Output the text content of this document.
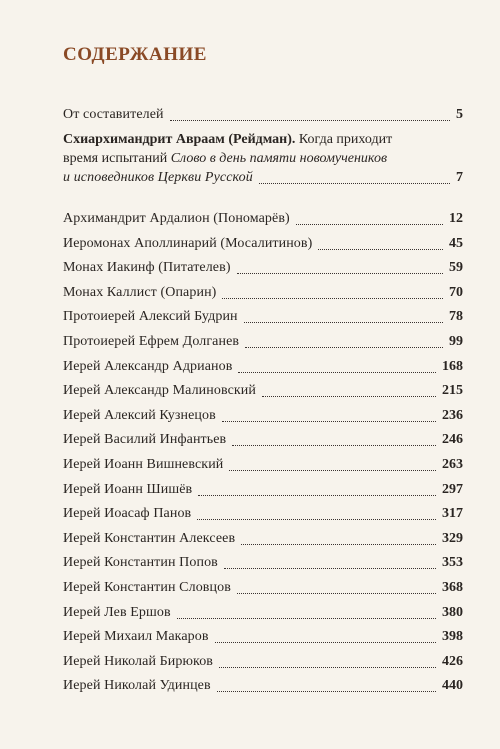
СОДЕРЖАНИЕ
От составителей	5
Схиархимандрит Авраам (Рейдман). Когда приходит
время испытаний Слово в день памяти новомучеников
и исповедников Церкви Русской	7
Архимандрит Ардалион (Пономарёв)	12
Иеромонах Аполлинарий (Мосалитинов)	45
Монах Иакинф (Питателев)	59
Монах Каллист (Опарин)	70
Протоиерей Алексий Будрин	78
Протоиерей Ефрем Долганев	99
Иерей Александр Адрианов	168
Иерей Александр Малиновский	215
Иерей Алексий Кузнецов	236
Иерей Василий Инфантьев	246
Иерей Иоанн Вишневский	263
Иерей Иоанн Шишёв	297
Иерей Иоасаф Панов	317
Иерей Константин Алексеев	329
Иерей Константин Попов	353
Иерей Константин Словцов	368
Иерей Лев Ершов	380
Иерей Михаил Макаров	398
Иерей Николай Бирюков	426
Иерей Николай Удинцев	440
